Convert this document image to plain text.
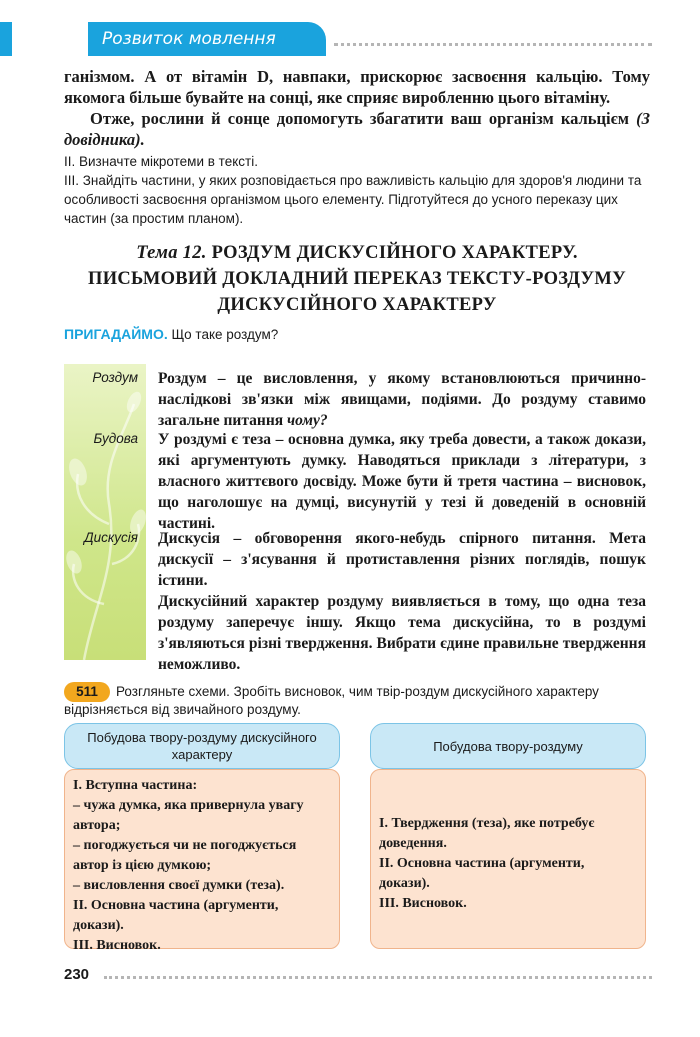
Розвиток мовлення

ганізмом. А от вітамін D, навпаки, прискорює засвоєння кальцію. Тому якомога більше бувайте на сонці, яке сприяє виробленню цього вітаміну.

Отже, рослини й сонце допомогуть збагатити ваш організм кальцієм (З довідника).

ІІ. Визначте мікротеми в тексті.
ІІІ. Знайдіть частини, у яких розповідається про важливість кальцію для здоров'я людини та особливості засвоєння організмом цього елементу. Підготуйтеся до усного переказу цих частин (за простим планом).
Тема 12. РОЗДУМ ДИСКУСІЙНОГО ХАРАКТЕРУ.
ПИСЬМОВИЙ ДОКЛАДНИЙ ПЕРЕКАЗ ТЕКСТУ-РОЗДУМУ
ДИСКУСІЙНОГО ХАРАКТЕРУ
ПРИГАДАЙМО. Що таке роздум?
Роздум Роздум – це висловлення, у якому встановлюються причинно-наслідкові зв'язки між явищами, подіями. До роздуму ставимо загальне питання чому?

Будова У роздумі є теза – основна думка, яку треба довести, а також докази, які аргументують думку. Наводяться приклади з літератури, з власного життєвого досвіду. Може бути й третя частина – висновок, що наголошує на думці, висунутій у тезі й доведеній в основній частині.

Дискусія Дискусія – обговорення якого-небудь спірного питання. Мета дискусії – з'ясування й протиставлення різних поглядів, пошук істини.

Дискусійний характер роздуму виявляється в тому, що одна теза роздуму заперечує іншу. Якщо тема дискусійна, то в роздумі з'являються різні твердження. Вибрати єдине правильне твердження неможливо.

Розгляньте схеми. Зробіть висновок, чим твір-роздум дискусійного характеру відрізняється від звичайного роздуму.
511
Побудова твору-роздуму дискусійного характеру

І. Вступна частина:

– чужа думка, яка привернула увагу автора;

– погоджується чи не погоджується автор із цією думкою;

– висловлення своєї думки (теза).

ІІ. Основна частина (аргументи, докази).

ІІІ. Висновок.

Побудова твору-роздуму

І. Твердження (теза), яке потребує доведення.

ІІ. Основна частина (аргументи, докази).

ІІІ. Висновок.

230
